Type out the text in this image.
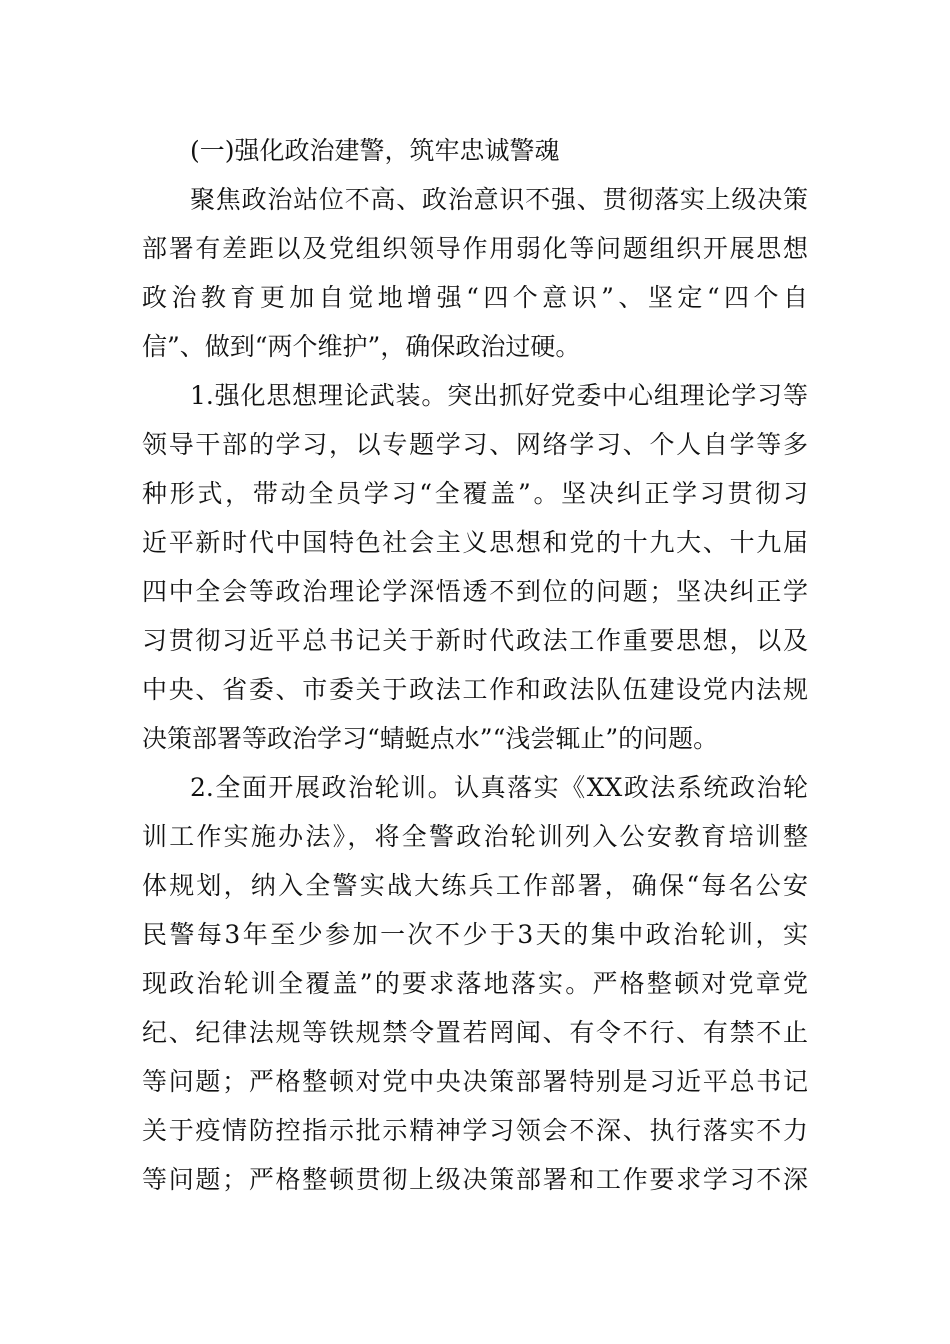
(一)强化政治建警，筑牢忠诚警魂
聚焦政治站位不高、政治意识不强、贯彻落实上级决策
部署有差距以及党组织领导作用弱化等问题组织开展思想
政治教育更加自觉地增强“四个意识”、坚定“四个自
信”、做到“两个维护”，确保政治过硬。
1.强化思想理论武装。突出抓好党委中心组理论学习等
领导干部的学习，以专题学习、网络学习、个人自学等多
种形式，带动全员学习“全覆盖”。坚决纠正学习贯彻习
近平新时代中国特色社会主义思想和党的十九大、十九届
四中全会等政治理论学深悟透不到位的问题；坚决纠正学
习贯彻习近平总书记关于新时代政法工作重要思想，以及
中央、省委、市委关于政法工作和政法队伍建设党内法规
决策部署等政治学习“蜻蜓点水”“浅尝辄止”的问题。
2.全面开展政治轮训。认真落实《XX政法系统政治轮
训工作实施办法》，将全警政治轮训列入公安教育培训整
体规划，纳入全警实战大练兵工作部署，确保“每名公安
民警每3年至少参加一次不少于3天的集中政治轮训，实
现政治轮训全覆盖”的要求落地落实。严格整顿对党章党
纪、纪律法规等铁规禁令置若罔闻、有令不行、有禁不止
等问题；严格整顿对党中央决策部署特别是习近平总书记
关于疫情防控指示批示精神学习领会不深、执行落实不力
等问题；严格整顿贯彻上级决策部署和工作要求学习不深
